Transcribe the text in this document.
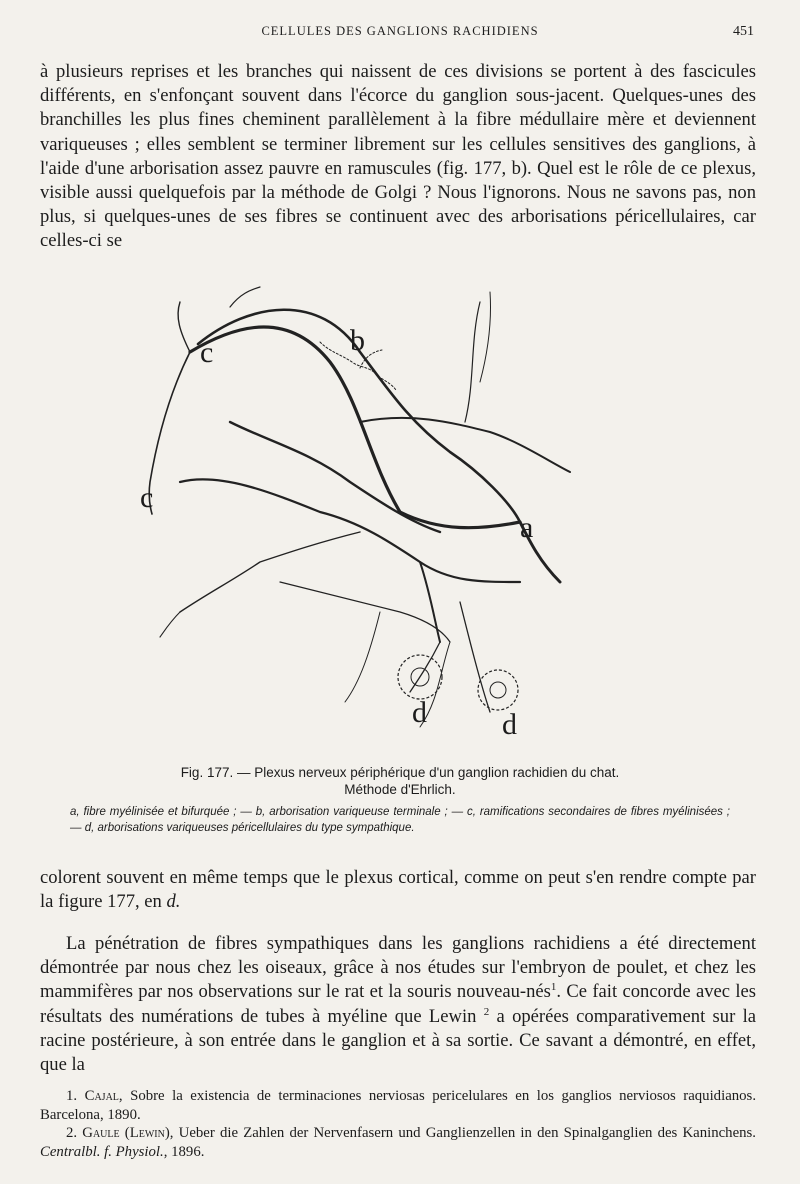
CELLULES DES GANGLIONS RACHIDIENS	451

à plusieurs reprises et les branches qui naissent de ces divisions se portent à des fascicules différents, en s'enfonçant souvent dans l'écorce du ganglion sous-jacent. Quelques-unes des branchilles les plus fines cheminent parallèlement à la fibre médullaire mère et deviennent variqueuses ; elles semblent se terminer librement sur les cellules sensitives des ganglions, à l'aide d'une arborisation assez pauvre en ramuscules (fig. 177, b). Quel est le rôle de ce plexus, visible aussi quelquefois par la méthode de Golgi ? Nous l'ignorons. Nous ne savons pas, non plus, si quelques-unes de ses fibres se continuent avec des arborisations péricellulaires, car celles-ci se

c
c
b
a
d	d
Fig. 177. — Plexus nerveux périphérique d'un ganglion rachidien du chat.
Méthode d'Ehrlich.
a, fibre myélinisée et bifurquée ; — b, arborisation variqueuse terminale ; — c, ramifications secondaires de fibres myélinisées ; — d, arborisations variqueuses péricellulaires du type sympathique.

colorent souvent en même temps que le plexus cortical, comme on peut s'en rendre compte par la figure 177, en d.

La pénétration de fibres sympathiques dans les ganglions rachidiens a été directement démontrée par nous chez les oiseaux, grâce à nos études sur l'embryon de poulet, et chez les mammifères par nos observations sur le rat et la souris nouveau-nés$^1$. Ce fait concorde avec les résultats des numérations de tubes à myéline que Lewin $^2$ a opérées comparativement sur la racine postérieure, à son entrée dans le ganglion et à sa sortie. Ce savant a démontré, en effet, que la

1. Cajal, Sobre la existencia de terminaciones nerviosas pericelulares en los ganglios nerviosos raquidianos. Barcelona, 1890.

2. Gaule (Lewin), Ueber die Zahlen der Nervenfasern und Ganglienzellen in den Spinalganglien des Kaninchens. Centralbl. f. Physiol., 1896.
